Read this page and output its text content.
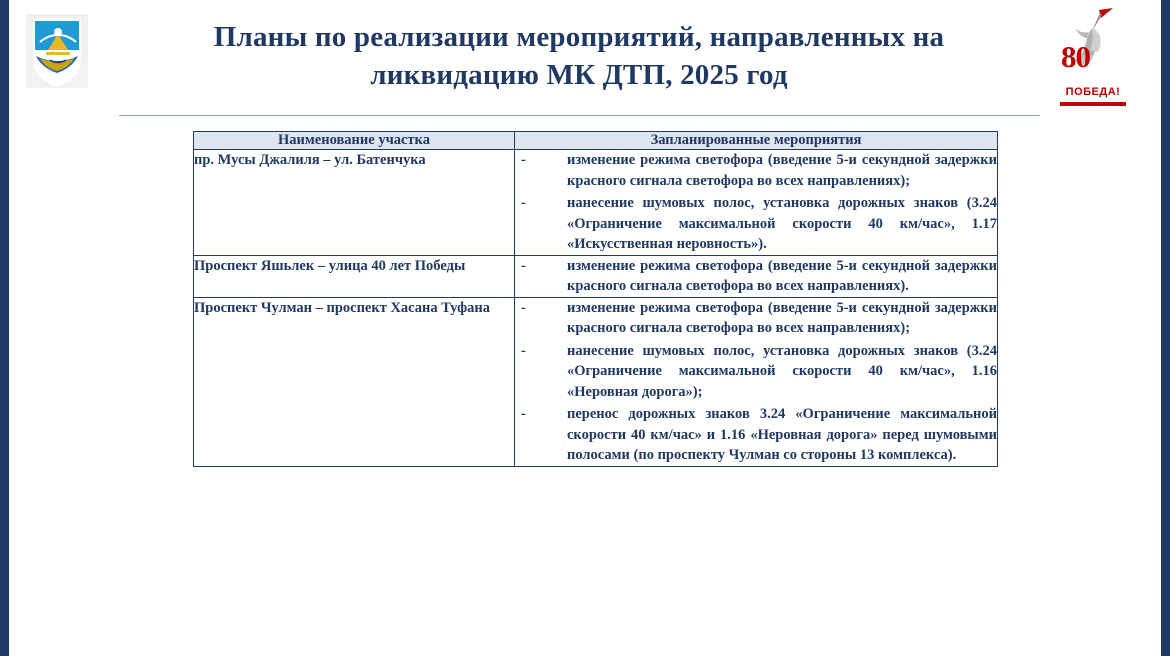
Планы по реализации мероприятий, направленных на
ликвидацию МК ДТП, 2025 год
80
ПОБЕДА!
Наименование участка	Запланированные мероприятия
пр. Мусы Джалиля – ул. Батенчука	-	изменение режима светофора (введение 5-и секундной задержки красного сигнала светофора во всех направлениях);
-	нанесение шумовых полос, установка дорожных знаков (3.24 «Ограничение максимальной скорости 40 км/час», 1.17 «Искусственная неровность»).

Проспект Яшьлек – улица 40 лет Победы	-	изменение режима светофора (введение 5-и секундной задержки красного сигнала светофора во всех направлениях).

Проспект Чулман – проспект Хасана Туфана	-	изменение режима светофора (введение 5-и секундной задержки красного сигнала светофора во всех направлениях);
-	нанесение шумовых полос, установка дорожных знаков (3.24 «Ограничение максимальной скорости 40 км/час», 1.16 «Неровная дорога»);
-	перенос дорожных знаков 3.24 «Ограничение максимальной скорости 40 км/час» и 1.16 «Неровная дорога» перед шумовыми полосами (по проспекту Чулман со стороны 13 комплекса).
